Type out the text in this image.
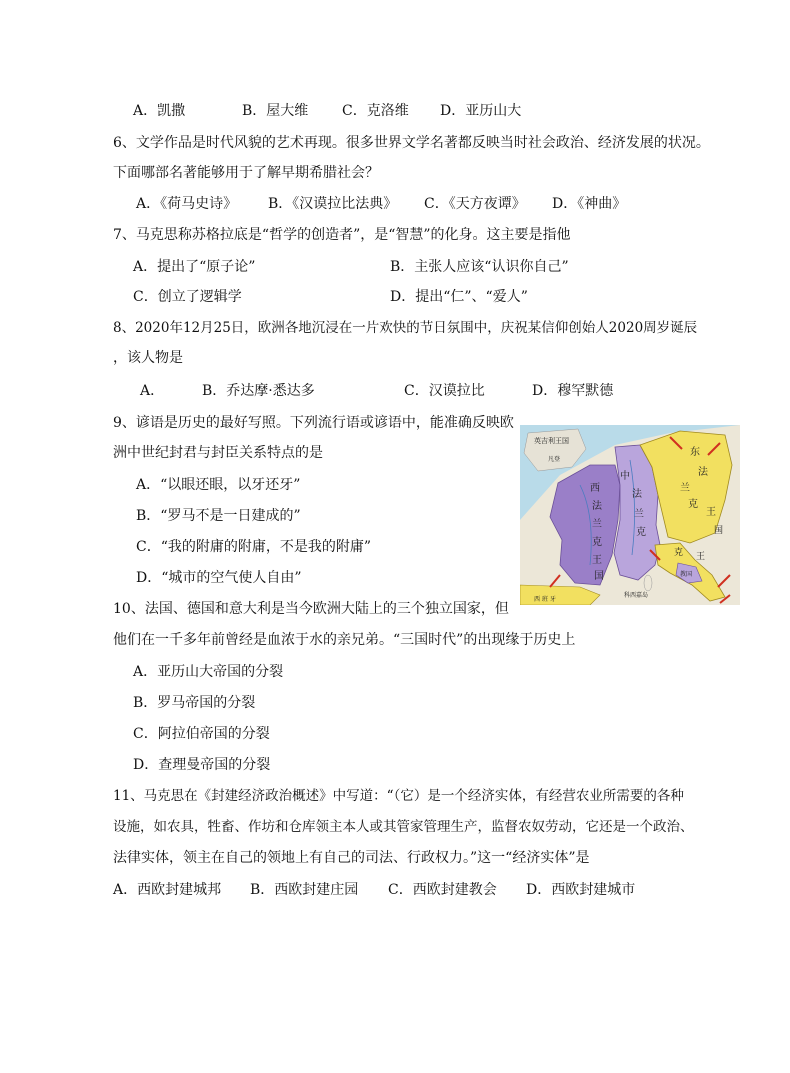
A．凯撒	B．屋大维 C．克洛维 D．亚历山大
6、文学作品是时代风貌的艺术再现。很多世界文学名著都反映当时社会政治、经济发展的状况。
下面哪部名著能够用于了解早期希腊社会？
A．《荷马史诗》 B．《汉谟拉比法典》 C．《天方夜谭》 D．《神曲》
7、马克思称苏格拉底是“哲学的创造者”，是“智慧”的化身。这主要是指他
A．提出了“原子论”	B．主张人应该“认识你自己”
C．创立了逻辑学	D．提出“仁”、“爱人”
8、2020年12月25日，欧洲各地沉浸在一片欢快的节日氛围中，庆祝某信仰创始人2020周岁诞辰
，该人物是
A．	B．乔达摩·悉达多	C．汉谟拉比	D．穆罕默德
9、谚语是历史的最好写照。下列流行语或谚语中，能准确反映欧
洲中世纪封君与封臣关系特点的是
A．“以眼还眼，以牙还牙”
B．“罗马不是一日建成的”
C．“我的附庸的附庸，不是我的附庸”
D．“城市的空气使人自由”
英吉利王国
凡登
东
法
兰
克
王
国
中
法
兰
克
西
法
兰
克
王
国
克 王
教国
科西嘉岛
西 班 牙
10、法国、德国和意大利是当今欧洲大陆上的三个独立国家，但
他们在一千多年前曾经是血浓于水的亲兄弟。“三国时代”的出现缘于历史上
A．亚历山大帝国的分裂
B．罗马帝国的分裂
C．阿拉伯帝国的分裂
D．查理曼帝国的分裂
11、马克思在《封建经济政治概述》中写道：“（它）是一个经济实体，有经营农业所需要的各种
设施，如农具，牲畜、作坊和仓库领主本人或其管家管理生产，监督农奴劳动，它还是一个政治、
法律实体，领主在自己的领地上有自己的司法、行政权力。”这一“经济实体”是
A．西欧封建城邦 B．西欧封建庄园 C．西欧封建教会 D．西欧封建城市
